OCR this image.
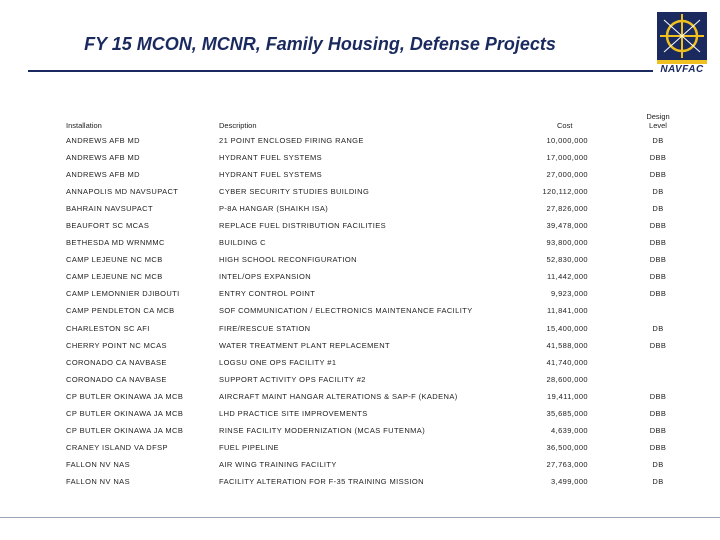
FY 15 MCON, MCNR, Family Housing, Defense Projects
NAVFAC
Installation	Description	Cost
Design
Level
ANDREWS AFB MD	21 POINT ENCLOSED FIRING RANGE	10,000,000	DB
ANDREWS AFB MD	HYDRANT FUEL SYSTEMS	17,000,000	DBB
ANDREWS AFB MD	HYDRANT FUEL SYSTEMS	27,000,000	DBB
ANNAPOLIS MD NAVSUPACT	CYBER SECURITY STUDIES BUILDING	120,112,000	DB
BAHRAIN NAVSUPACT	P-8A HANGAR (SHAIKH ISA)	27,826,000	DB
BEAUFORT SC MCAS	REPLACE FUEL DISTRIBUTION FACILITIES	39,478,000	DBB
BETHESDA MD WRNMMC	BUILDING C	93,800,000	DBB
CAMP LEJEUNE NC MCB	HIGH SCHOOL RECONFIGURATION	52,830,000	DBB
CAMP LEJEUNE NC MCB	INTEL/OPS EXPANSION	11,442,000	DBB
CAMP LEMONNIER DJIBOUTI	ENTRY CONTROL POINT	9,923,000	DBB
CAMP PENDLETON CA MCB	SOF COMMUNICATION / ELECTRONICS MAINTENANCE FACILITY	11,841,000
CHARLESTON SC AFI	FIRE/RESCUE STATION	15,400,000	DB
CHERRY POINT NC MCAS	WATER TREATMENT PLANT REPLACEMENT	41,588,000	DBB
CORONADO CA NAVBASE	LOGSU ONE OPS FACILITY #1	41,740,000
CORONADO CA NAVBASE	SUPPORT ACTIVITY OPS FACILITY #2	28,600,000
CP BUTLER OKINAWA JA MCB	AIRCRAFT MAINT HANGAR ALTERATIONS & SAP-F (KADENA)	19,411,000	DBB
CP BUTLER OKINAWA JA MCB	LHD PRACTICE SITE IMPROVEMENTS	35,685,000	DBB
CP BUTLER OKINAWA JA MCB	RINSE FACILITY MODERNIZATION (MCAS FUTENMA)	4,639,000	DBB
CRANEY ISLAND VA DFSP	FUEL PIPELINE	36,500,000	DBB
FALLON NV NAS	AIR WING TRAINING FACILITY	27,763,000	DB
FALLON NV NAS	FACILITY ALTERATION FOR F-35 TRAINING MISSION	3,499,000	DB
